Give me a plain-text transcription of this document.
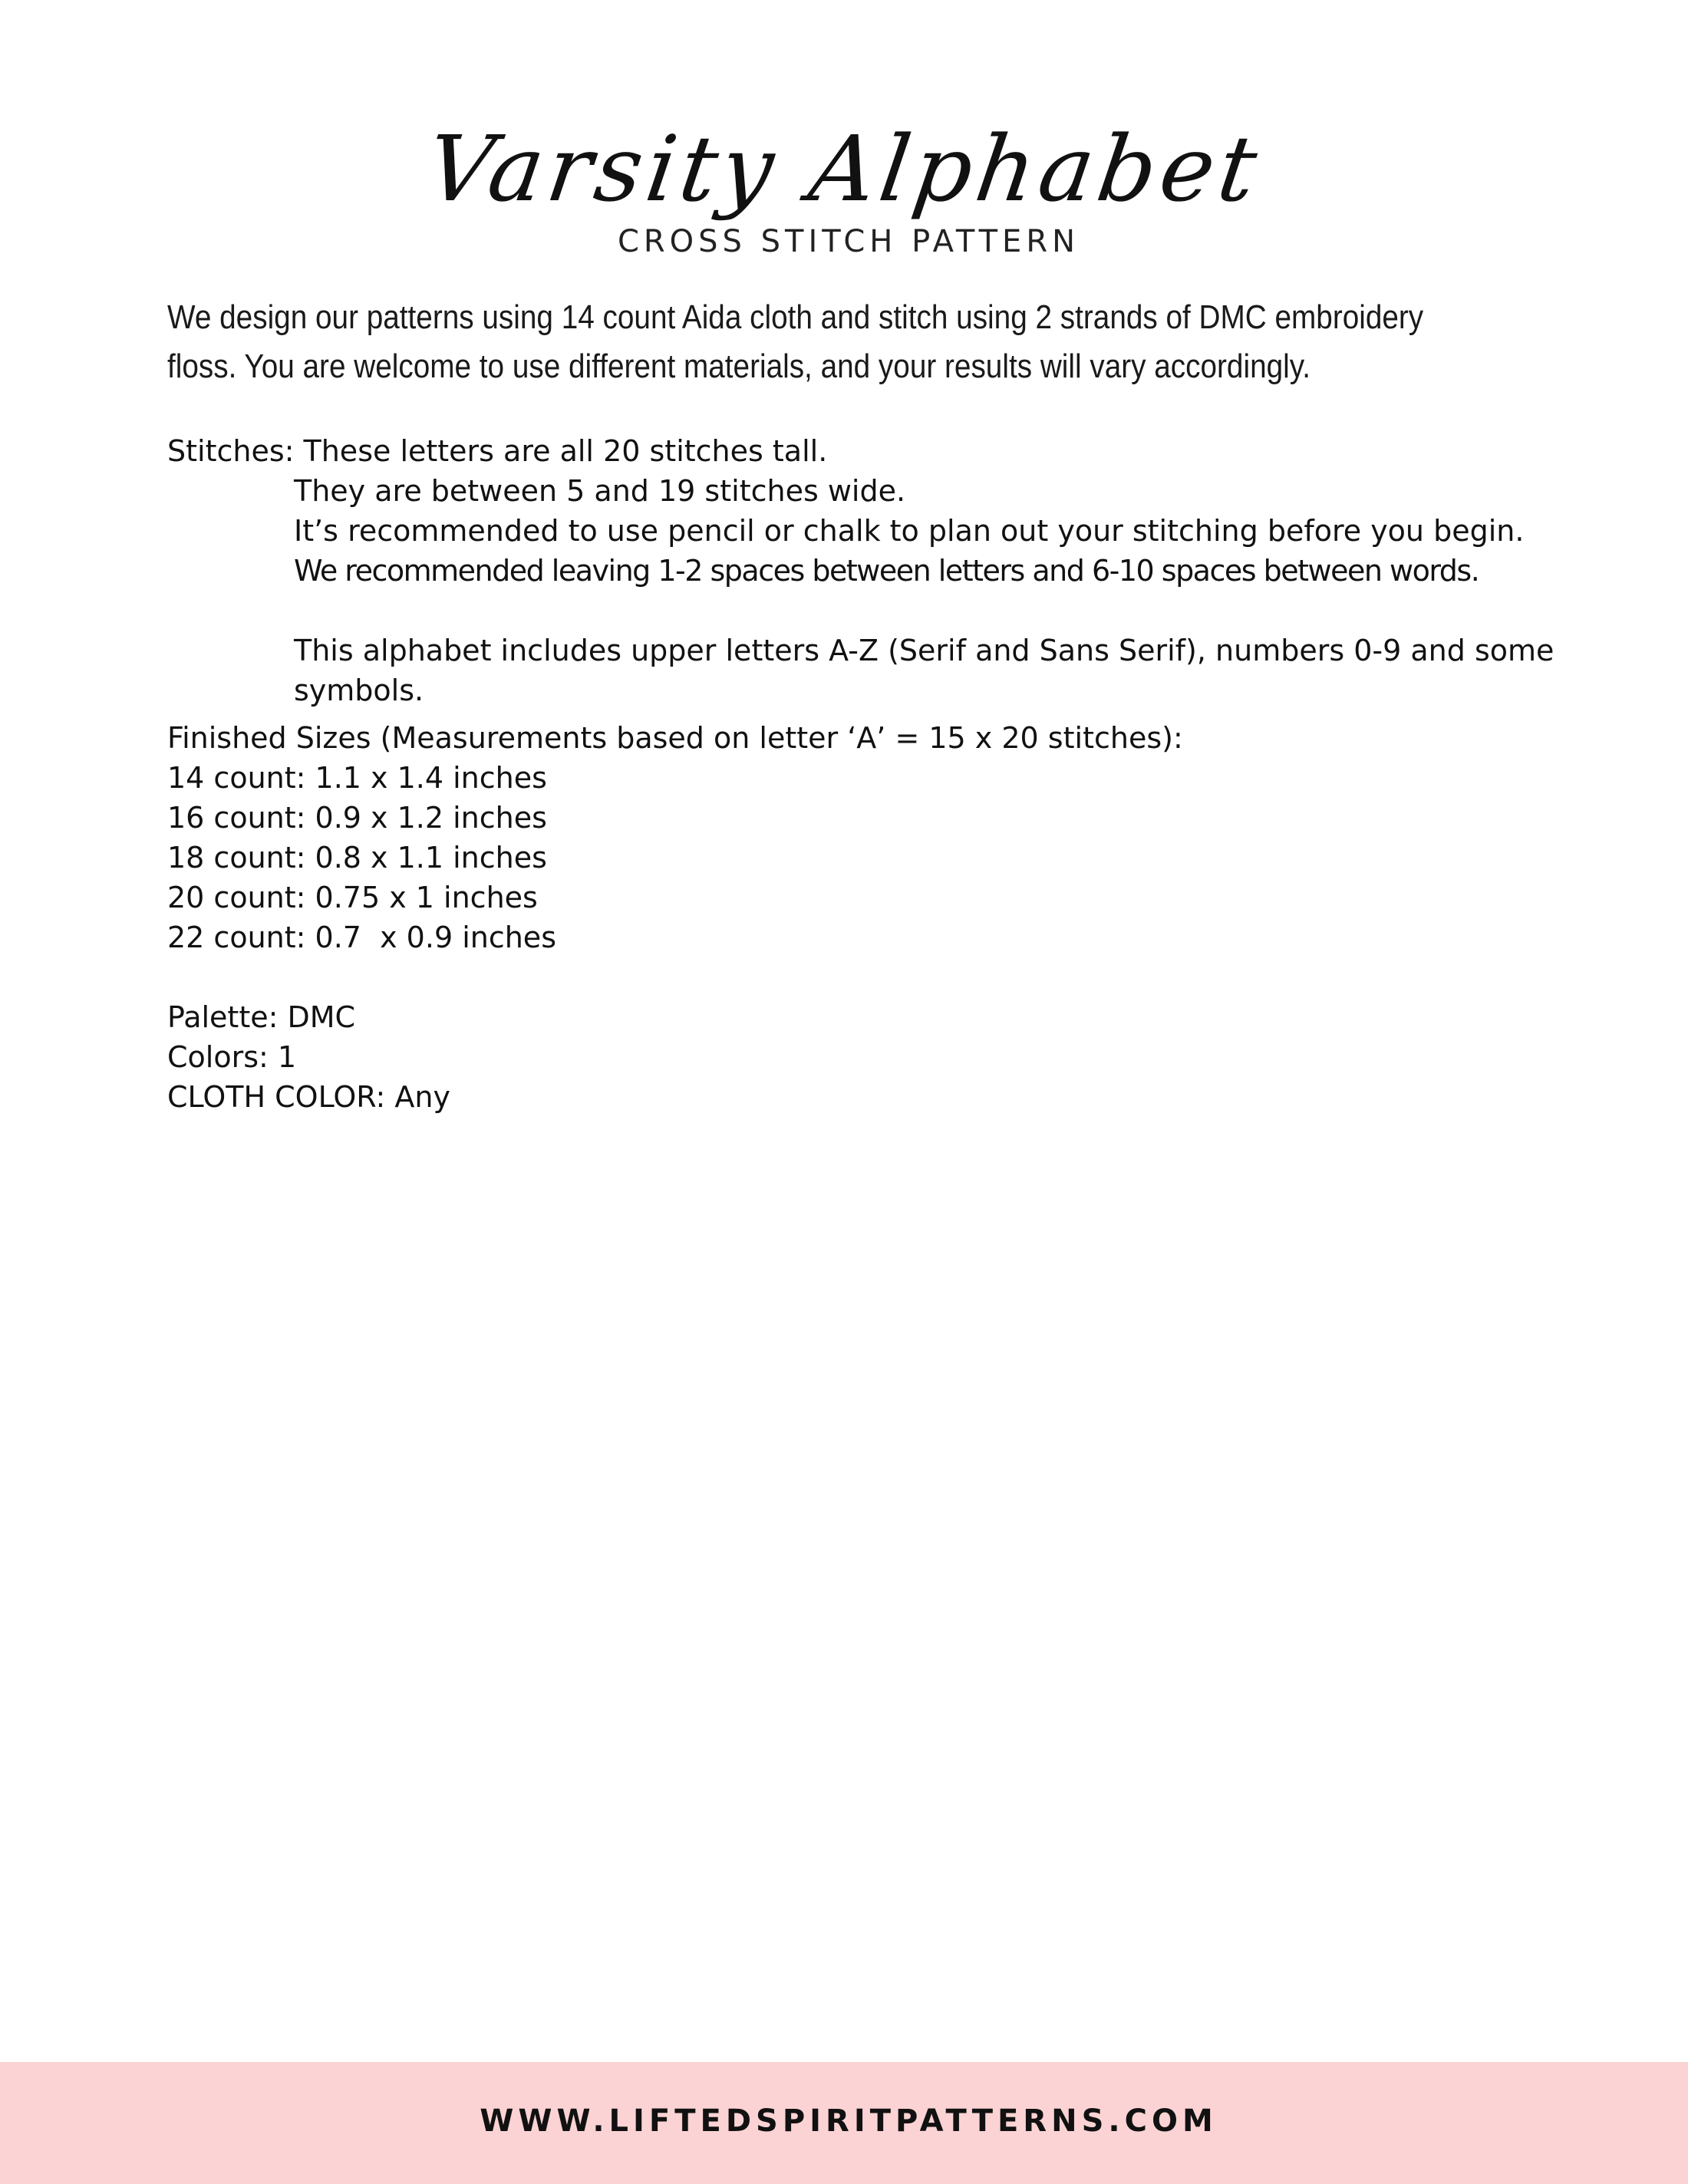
Varsity Alphabet
CROSS STITCH PATTERN

We design our patterns using 14 count Aida cloth and stitch using 2 strands of DMC embroidery

floss. You are welcome to use different materials, and your results will vary accordingly.

Stitches: These letters are all 20 stitches tall.
They are between 5 and 19 stitches wide.
It’s recommended to use pencil or chalk to plan out your stitching before you begin.
We recommended leaving 1-2 spaces between letters and 6-10 spaces between words.
This alphabet includes upper letters A-Z (Serif and Sans Serif), numbers 0-9 and some symbols.
Finished Sizes (Measurements based on letter ‘A’ = 15 x 20 stitches):
14 count: 1.1 x 1.4 inches
16 count: 0.9 x 1.2 inches
18 count: 0.8 x 1.1 inches
20 count: 0.75 x 1 inches
22 count: 0.7  x 0.9 inches
Palette: DMC
Colors: 1
CLOTH COLOR: Any
WWW.LIFTEDSPIRITPATTERNS.COM
